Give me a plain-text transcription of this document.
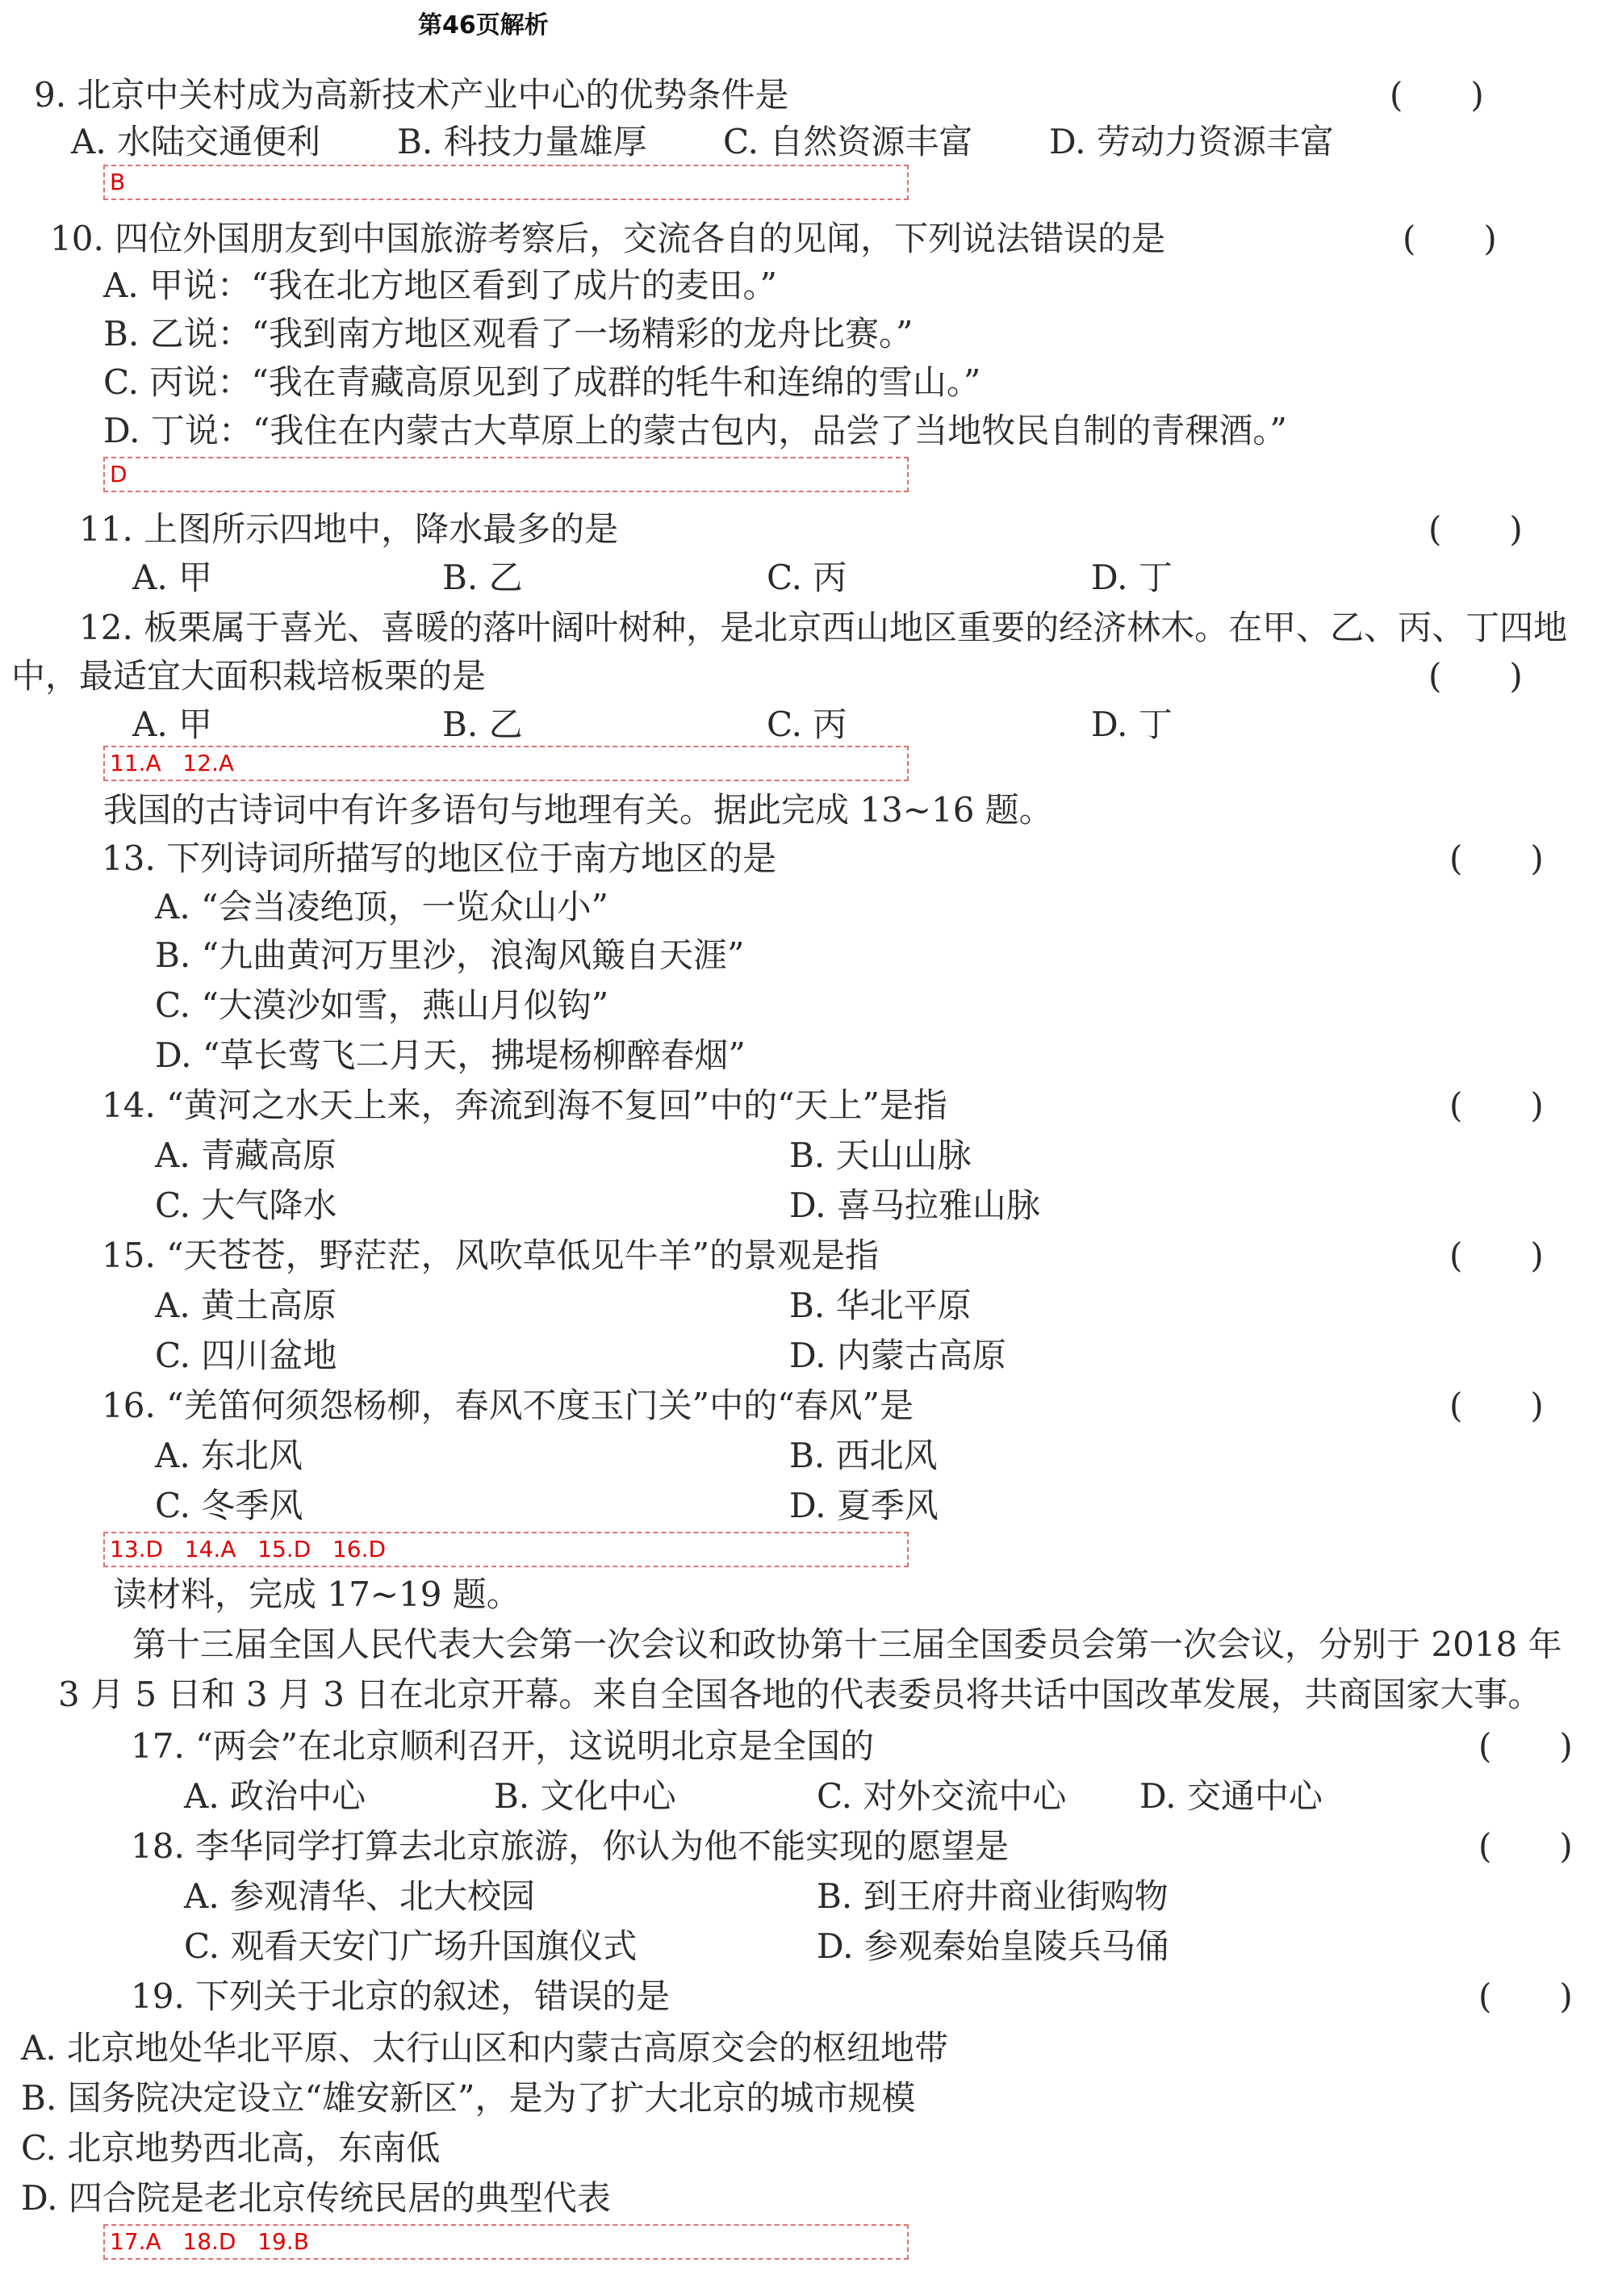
第46页解析
9. 北京中关村成为高新技术产业中心的优势条件是	(　　)
A. 水陆交通便利 B. 科技力量雄厚 C. 自然资源丰富 D. 劳动力资源丰富
B
10. 四位外国朋友到中国旅游考察后，交流各自的见闻，下列说法错误的是	(　　)
A. 甲说：“我在北方地区看到了成片的麦田。”
B. 乙说：“我到南方地区观看了一场精彩的龙舟比赛。”
C. 丙说：“我在青藏高原见到了成群的牦牛和连绵的雪山。”
D. 丁说：“我住在内蒙古大草原上的蒙古包内，品尝了当地牧民自制的青稞酒。”
D
11. 上图所示四地中，降水最多的是	(　　)
A. 甲	B. 乙	C. 丙	D. 丁
12. 板栗属于喜光、喜暖的落叶阔叶树种，是北京西山地区重要的经济林木。在甲、乙、丙、丁四地
中，最适宜大面积栽培板栗的是	(　　)
A. 甲	B. 乙	C. 丙	D. 丁
11.A   12.A
我国的古诗词中有许多语句与地理有关。据此完成 13~16 题。
13. 下列诗词所描写的地区位于南方地区的是	(　　)
A. “会当凌绝顶，一览众山小”
B. “九曲黄河万里沙，浪淘风簸自天涯”
C. “大漠沙如雪，燕山月似钩”
D. “草长莺飞二月天，拂堤杨柳醉春烟”
14. “黄河之水天上来，奔流到海不复回”中的“天上”是指	(　　)
A. 青藏高原	B. 天山山脉
C. 大气降水	D. 喜马拉雅山脉
15. “天苍苍，野茫茫，风吹草低见牛羊”的景观是指	(　　)
A. 黄土高原	B. 华北平原
C. 四川盆地	D. 内蒙古高原
16. “羌笛何须怨杨柳，春风不度玉门关”中的“春风”是	(　　)
A. 东北风	B. 西北风
C. 冬季风	D. 夏季风
13.D   14.A   15.D   16.D
读材料，完成 17~19 题。
第十三届全国人民代表大会第一次会议和政协第十三届全国委员会第一次会议，分别于 2018 年
3 月 5 日和 3 月 3 日在北京开幕。来自全国各地的代表委员将共话中国改革发展，共商国家大事。
17. “两会”在北京顺利召开，这说明北京是全国的	(　　)
A. 政治中心	B. 文化中心	C. 对外交流中心 D. 交通中心
18. 李华同学打算去北京旅游，你认为他不能实现的愿望是	(　　)
A. 参观清华、北大校园	B. 到王府井商业街购物
C. 观看天安门广场升国旗仪式	D. 参观秦始皇陵兵马俑
19. 下列关于北京的叙述，错误的是	(　　)
A. 北京地处华北平原、太行山区和内蒙古高原交会的枢纽地带
B. 国务院决定设立“雄安新区”，是为了扩大北京的城市规模
C. 北京地势西北高，东南低
D. 四合院是老北京传统民居的典型代表
17.A   18.D   19.B
